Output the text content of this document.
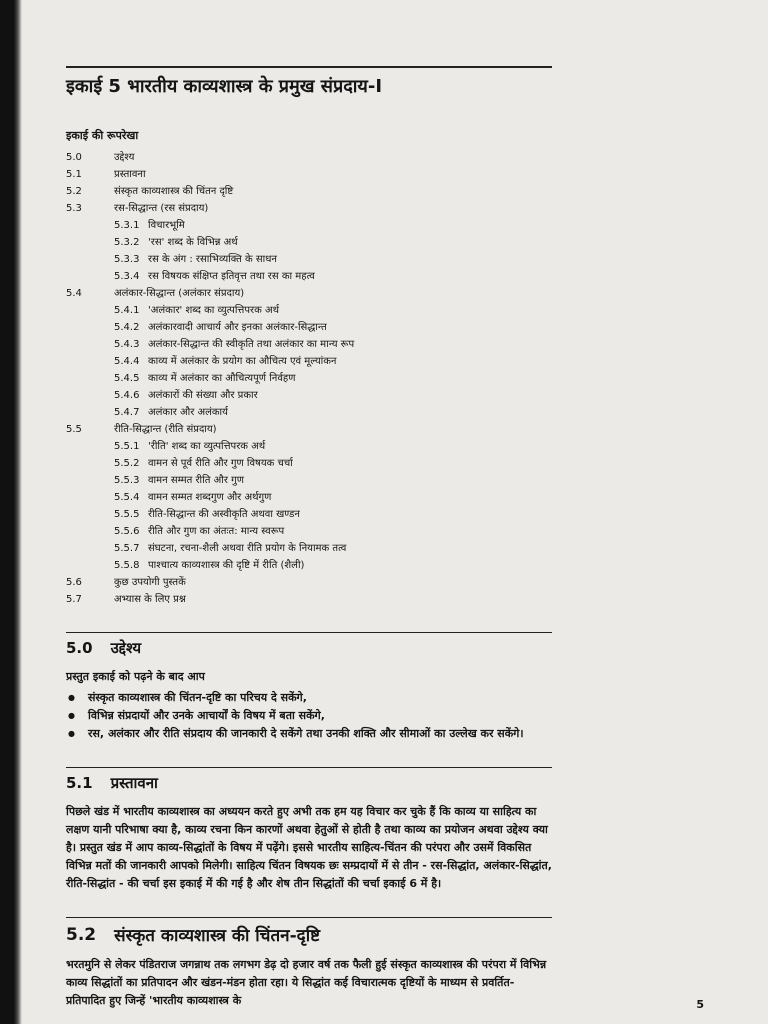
इकाई 5 भारतीय काव्यशास्त्र के प्रमुख संप्रदाय-I
इकाई की रूपरेखा
5.0	उद्देश्य
5.1	प्रस्तावना
5.2	संस्कृत काव्यशास्त्र की चिंतन दृष्टि
5.3	रस-सिद्धान्त (रस संप्रदाय)
5.3.1 विचारभूमि
5.3.2 'रस' शब्द के विभिन्न अर्थ
5.3.3 रस के अंग : रसाभिव्यक्ति के साधन
5.3.4 रस विषयक संक्षिप्त इतिवृत्त तथा रस का महत्व
5.4	अलंकार-सिद्धान्त (अलंकार संप्रदाय)
5.4.1 'अलंकार' शब्द का व्युत्पत्तिपरक अर्थ
5.4.2 अलंकारवादी आचार्य और इनका अलंकार-सिद्धान्त
5.4.3 अलंकार-सिद्धान्त की स्वीकृति तथा अलंकार का मान्य रूप
5.4.4 काव्य में अलंकार के प्रयोग का औचित्य एवं मूल्यांकन
5.4.5 काव्य में अलंकार का औचित्यपूर्ण निर्वहण
5.4.6 अलंकारों की संख्या और प्रकार
5.4.7 अलंकार और अलंकार्य
5.5	रीति-सिद्धान्त (रीति संप्रदाय)
5.5.1 'रीति' शब्द का व्युत्पत्तिपरक अर्थ
5.5.2 वामन से पूर्व रीति और गुण विषयक चर्चा
5.5.3 वामन सम्मत रीति और गुण
5.5.4 वामन सम्मत शब्दगुण और अर्थगुण
5.5.5 रीति-सिद्धान्त की अस्वीकृति अथवा खण्डन
5.5.6 रीति और गुण का अंतःत: मान्य स्वरूप
5.5.7 संघटना, रचना-शैली अथवा रीति प्रयोग के नियामक तत्व
5.5.8 पाश्चात्य काव्यशास्त्र की दृष्टि में रीति (शैली)
5.6	कुछ उपयोगी पुस्तकें
5.7	अभ्यास के लिए प्रश्न
5.0 उद्देश्य
प्रस्तुत इकाई को पढ़ने के बाद आप
● संस्कृत काव्यशास्त्र की चिंतन-दृष्टि का परिचय दे सकेंगे,
● विभिन्न संप्रदायों और उनके आचार्यों के विषय में बता सकेंगे,
● रस, अलंकार और रीति संप्रदाय की जानकारी दे सकेंगे तथा उनकी शक्ति और सीमाओं का उल्लेख कर सकेंगे।
5.1 प्रस्तावना
पिछले खंड में भारतीय काव्यशास्त्र का अध्ययन करते हुए अभी तक हम यह विचार कर चुके हैं कि काव्य या साहित्य का लक्षण यानी परिभाषा क्या है, काव्य रचना किन कारणों अथवा हेतुओं से होती है तथा काव्य का प्रयोजन अथवा उद्देश्य क्या है। प्रस्तुत खंड में आप काव्य-सिद्धांतों के विषय में पढ़ेंगे। इससे भारतीय साहित्य-चिंतन की परंपरा और उसमें विकसित विभिन्न मतों की जानकारी आपको मिलेगी। साहित्य चिंतन विषयक छः सम्प्रदायों में से तीन - रस-सिद्धांत, अलंकार-सिद्धांत, रीति-सिद्धांत - की चर्चा इस इकाई में की गई है और शेष तीन सिद्धांतों की चर्चा इकाई 6 में है।
5.2 संस्कृत काव्यशास्त्र की चिंतन-दृष्टि
भरतमुनि से लेकर पंडितराज जगन्नाथ तक लगभग डेढ़ दो हजार वर्ष तक फैली हुई संस्कृत काव्यशास्त्र की परंपरा में विभिन्न काव्य सिद्धांतों का प्रतिपादन और खंडन-मंडन होता रहा। ये सिद्धांत कई विचारात्मक दृष्टियों के माध्यम से प्रवर्तित-प्रतिपादित हुए जिन्हें 'भारतीय काव्यशास्त्र के	5
